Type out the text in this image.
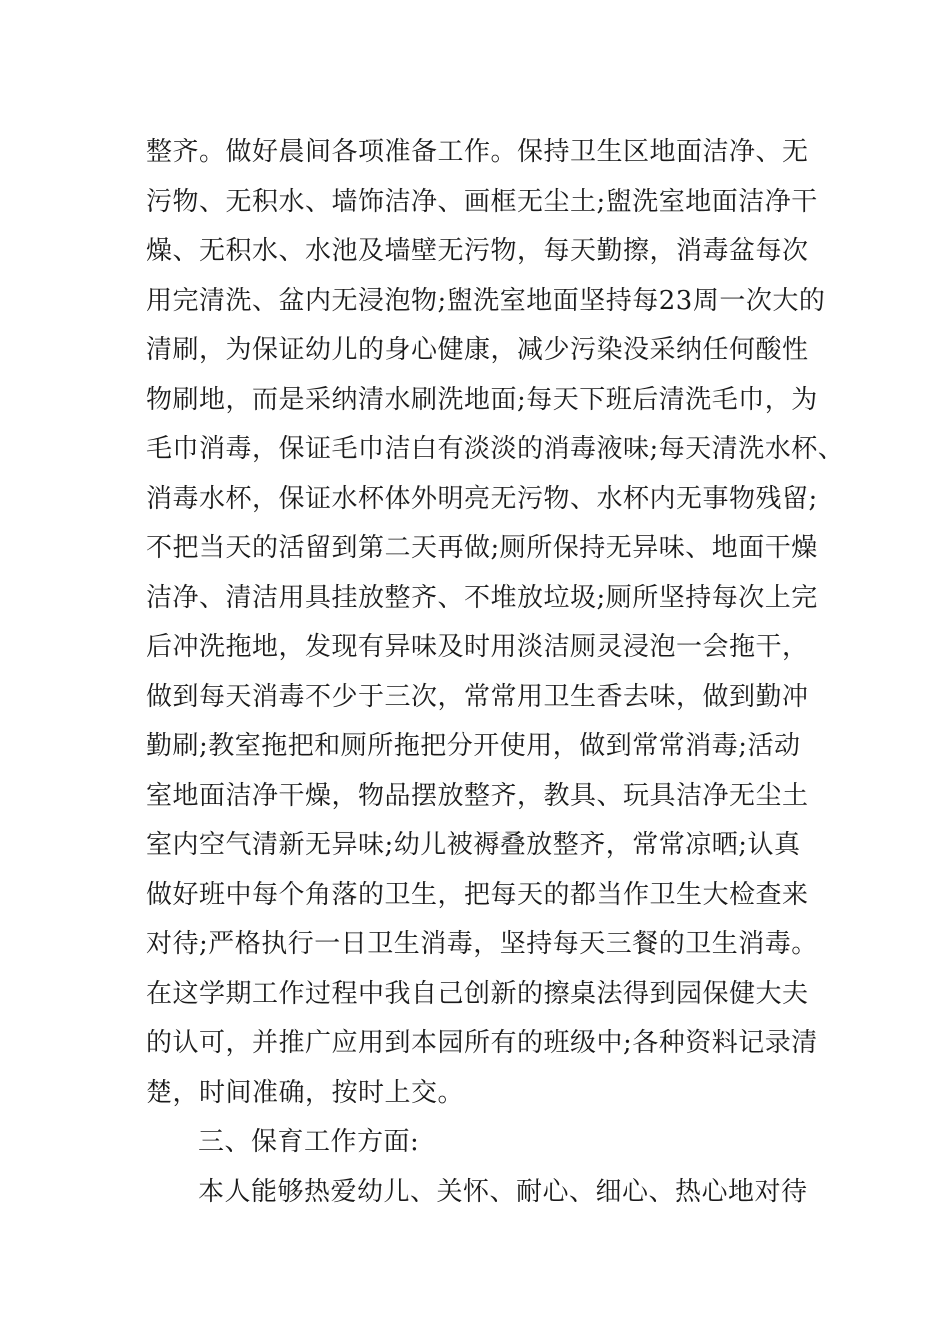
整齐。做好晨间各项准备工作。保持卫生区地面洁净、无
污物、无积水、墙饰洁净、画框无尘土;盥洗室地面洁净干
燥、无积水、水池及墙壁无污物，每天勤擦，消毒盆每次
用完清洗、盆内无浸泡物;盥洗室地面坚持每23周一次大的
清刷，为保证幼儿的身心健康，减少污染没采纳任何酸性
物刷地，而是采纳清水刷洗地面;每天下班后清洗毛巾，为
毛巾消毒，保证毛巾洁白有淡淡的消毒液味;每天清洗水杯、
消毒水杯，保证水杯体外明亮无污物、水杯内无事物残留;
不把当天的活留到第二天再做;厕所保持无异味、地面干燥
洁净、清洁用具挂放整齐、不堆放垃圾;厕所坚持每次上完
后冲洗拖地，发现有异味及时用淡洁厕灵浸泡一会拖干，
做到每天消毒不少于三次，常常用卫生香去味，做到勤冲
勤刷;教室拖把和厕所拖把分开使用，做到常常消毒;活动
室地面洁净干燥，物品摆放整齐，教具、玩具洁净无尘土
室内空气清新无异味;幼儿被褥叠放整齐，常常凉晒;认真
做好班中每个角落的卫生，把每天的都当作卫生大检查来
对待;严格执行一日卫生消毒，坚持每天三餐的卫生消毒。
在这学期工作过程中我自己创新的擦桌法得到园保健大夫
的认可，并推广应用到本园所有的班级中;各种资料记录清
楚，时间准确，按时上交。
三、保育工作方面:
本人能够热爱幼儿、关怀、耐心、细心、热心地对待
